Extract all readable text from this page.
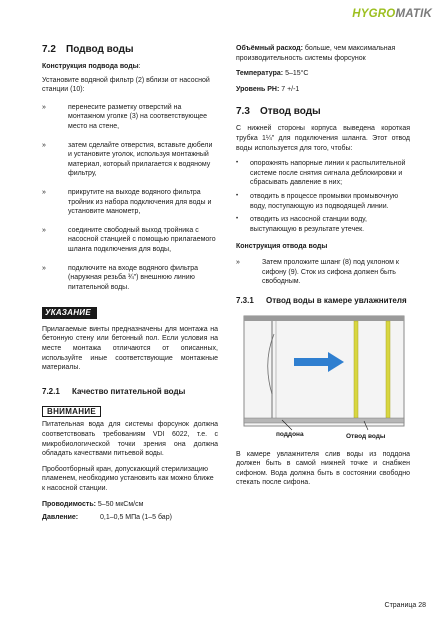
HYGROMATIK
7.2 Подвод воды
Конструкция подвода воды:

Установите водяной фильтр (2) вблизи от насосной станции (10):

»	перенесите разметку отверстий на монтажном уголке (3) на соответствующее место на стене,
»	затем сделайте отверстия, вставьте дюбели и установите уголок, используя монтажный материал, который прилагается к водяному фильтру,
»	прикрутите на выходе водяного фильтра тройник из набора подключения для воды и установите манометр,
»	соедините свободный выход тройника с насосной станцией с помощью прилагаемого шланга подключения для воды,
»	подключите на входе водяного фильтра (наружная резьба ¾") внешнюю линию питательной воды.
УКАЗАНИЕ

Прилагаемые винты предназначены для монтажа на бетонную стену или бетонный пол. Если условия на месте монтажа отличаются от описанных, используйте иные соответствующие монтажные материалы.

7.2.1 Качество питательной воды
ВНИМАНИЕ

Питательная вода для системы форсунок должна соответствовать требованиям VDI 6022, т.е. с микробиологической точки зрения она должна обладать качествами питьевой воды.

Пробоотборный кран, допускающий стерилизацию пламенем, необходимо установить как можно ближе к насосной станции.

Проводимость: 5–50 мкСм/см
Давление:	0,1–0,5 МПа (1–5 бар)
Объёмный расход: больше, чем максимальная производительность системы форсунок
Температура: 5–15°C
Уровень PH: 7 +/-1
7.3 Отвод воды

С нижней стороны корпуса выведена короткая трубка 1¼" для подключения шланга. Этот отвод воды используется для того, чтобы:

•	опорожнять напорные линии к распылительной системе после снятия сигнала деблокировки и сбрасывать давление в них;
•	отводить в процессе промывки промывочную воду, поступающую из подводящей линии.
•	отводить из насосной станции воду, выступающую в результате утечек.
Конструкция отвода воды
»	Затем проложите шланг (8) под уклоном к сифону (9). Сток из сифона должен быть свободным.
7.3.1	Отвод воды в камере увлажнителя
поддона	Отвод воды

В камере увлажнителя слив воды из поддона должен быть в самой нижней точке и снабжен сифоном. Вода должна быть в состоянии свободно стекать после сифона.

Страница 28
